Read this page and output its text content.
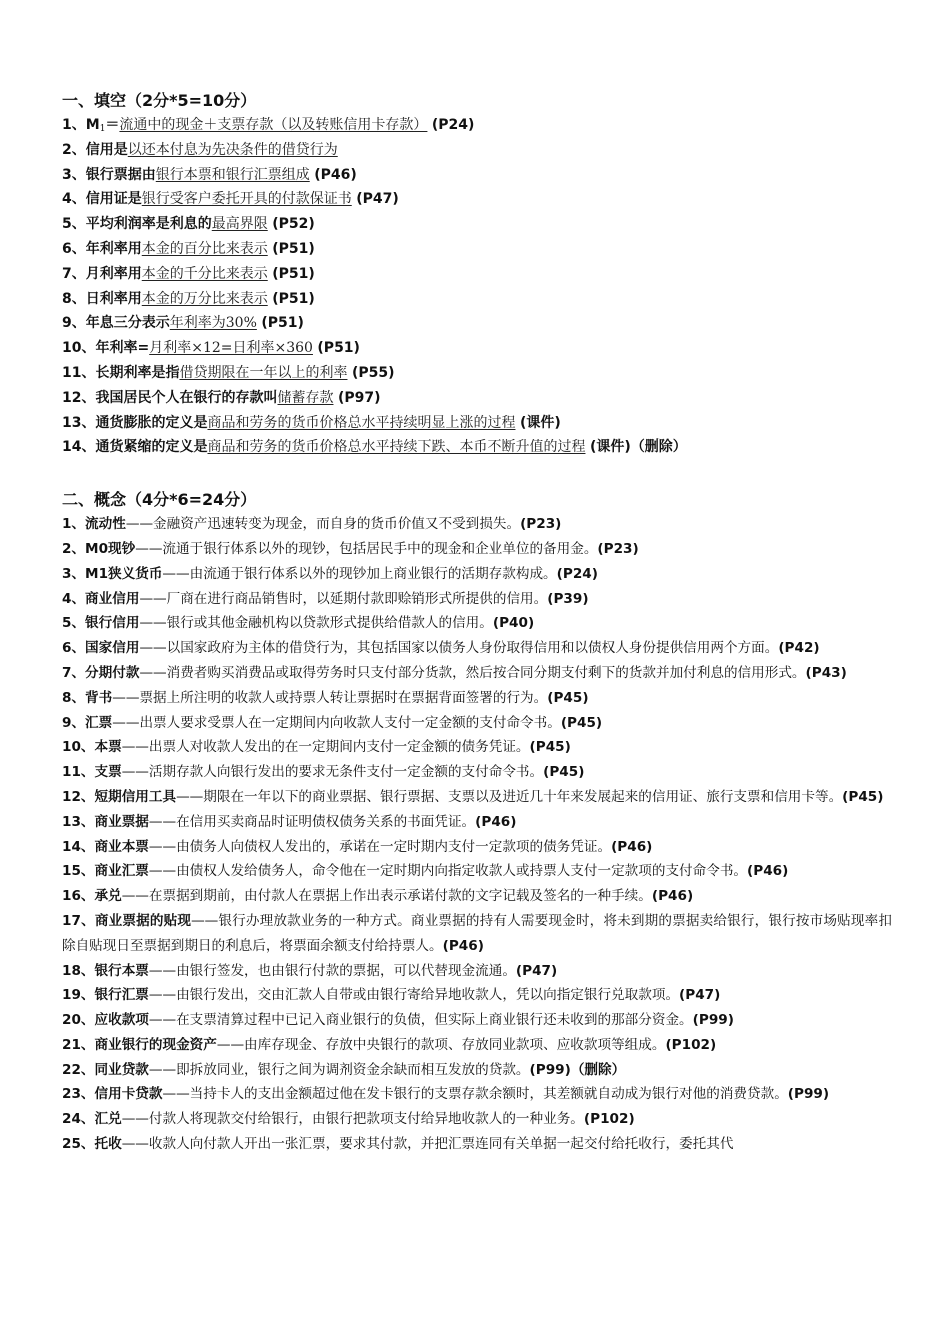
一、填空（2分*5=10分）
1、$M_1=$流通中的现金＋支票存款（以及转账信用卡存款） (P24)
2、信用是以还本付息为先决条件的借贷行为
3、银行票据由银行本票和银行汇票组成 (P46)
4、信用证是银行受客户委托开具的付款保证书 (P47)
5、平均利润率是利息的最高界限 (P52)
6、年利率用本金的百分比来表示 (P51)
7、月利率用本金的千分比来表示 (P51)
8、日利率用本金的万分比来表示 (P51)
9、年息三分表示年利率为30% (P51)
10、年利率=月利率×12=日利率×360 (P51)
11、长期利率是指借贷期限在一年以上的利率 (P55)
12、我国居民个人在银行的存款叫储蓄存款 (P97)
13、通货膨胀的定义是商品和劳务的货币价格总水平持续明显上涨的过程 (课件)
14、通货紧缩的定义是商品和劳务的货币价格总水平持续下跌、本币不断升值的过程 (课件)（删除）
二、概念（4分*6=24分）
1、流动性——金融资产迅速转变为现金，而自身的货币价值又不受到损失。(P23)
2、M0现钞——流通于银行体系以外的现钞，包括居民手中的现金和企业单位的备用金。(P23)
3、M1狭义货币——由流通于银行体系以外的现钞加上商业银行的活期存款构成。(P24)
4、商业信用——厂商在进行商品销售时，以延期付款即赊销形式所提供的信用。(P39)
5、银行信用——银行或其他金融机构以贷款形式提供给借款人的信用。(P40)
6、国家信用——以国家政府为主体的借贷行为，其包括国家以债务人身份取得信用和以债权人身份提供信用两个方面。(P42)
7、分期付款——消费者购买消费品或取得劳务时只支付部分货款，然后按合同分期支付剩下的货款并加付利息的信用形式。(P43)
8、背书——票据上所注明的收款人或持票人转让票据时在票据背面签署的行为。(P45)
9、汇票——出票人要求受票人在一定期间内向收款人支付一定金额的支付命令书。(P45)
10、本票——出票人对收款人发出的在一定期间内支付一定金额的债务凭证。(P45)
11、支票——活期存款人向银行发出的要求无条件支付一定金额的支付命令书。(P45)
12、短期信用工具——期限在一年以下的商业票据、银行票据、支票以及进近几十年来发展起来的信用证、旅行支票和信用卡等。(P45)
13、商业票据——在信用买卖商品时证明债权债务关系的书面凭证。(P46)
14、商业本票——由债务人向债权人发出的，承诺在一定时期内支付一定款项的债务凭证。(P46)
15、商业汇票——由债权人发给债务人，命令他在一定时期内向指定收款人或持票人支付一定款项的支付命令书。(P46)
16、承兑——在票据到期前，由付款人在票据上作出表示承诺付款的文字记载及签名的一种手续。(P46)
17、商业票据的贴现——银行办理放款业务的一种方式。商业票据的持有人需要现金时，将未到期的票据卖给银行，银行按市场贴现率扣除自贴现日至票据到期日的利息后，将票面余额支付给持票人。(P46)
18、银行本票——由银行签发，也由银行付款的票据，可以代替现金流通。(P47)
19、银行汇票——由银行发出，交由汇款人自带或由银行寄给异地收款人，凭以向指定银行兑取款项。(P47)
20、应收款项——在支票清算过程中已记入商业银行的负债，但实际上商业银行还未收到的那部分资金。(P99)
21、商业银行的现金资产——由库存现金、存放中央银行的款项、存放同业款项、应收款项等组成。(P102)
22、同业贷款——即拆放同业，银行之间为调剂资金余缺而相互发放的贷款。(P99)（删除）
23、信用卡贷款——当持卡人的支出金额超过他在发卡银行的支票存款余额时，其差额就自动成为银行对他的消费贷款。(P99)
24、汇兑——付款人将现款交付给银行，由银行把款项支付给异地收款人的一种业务。(P102)
25、托收——收款人向付款人开出一张汇票，要求其付款，并把汇票连同有关单据一起交付给托收行，委托其代
